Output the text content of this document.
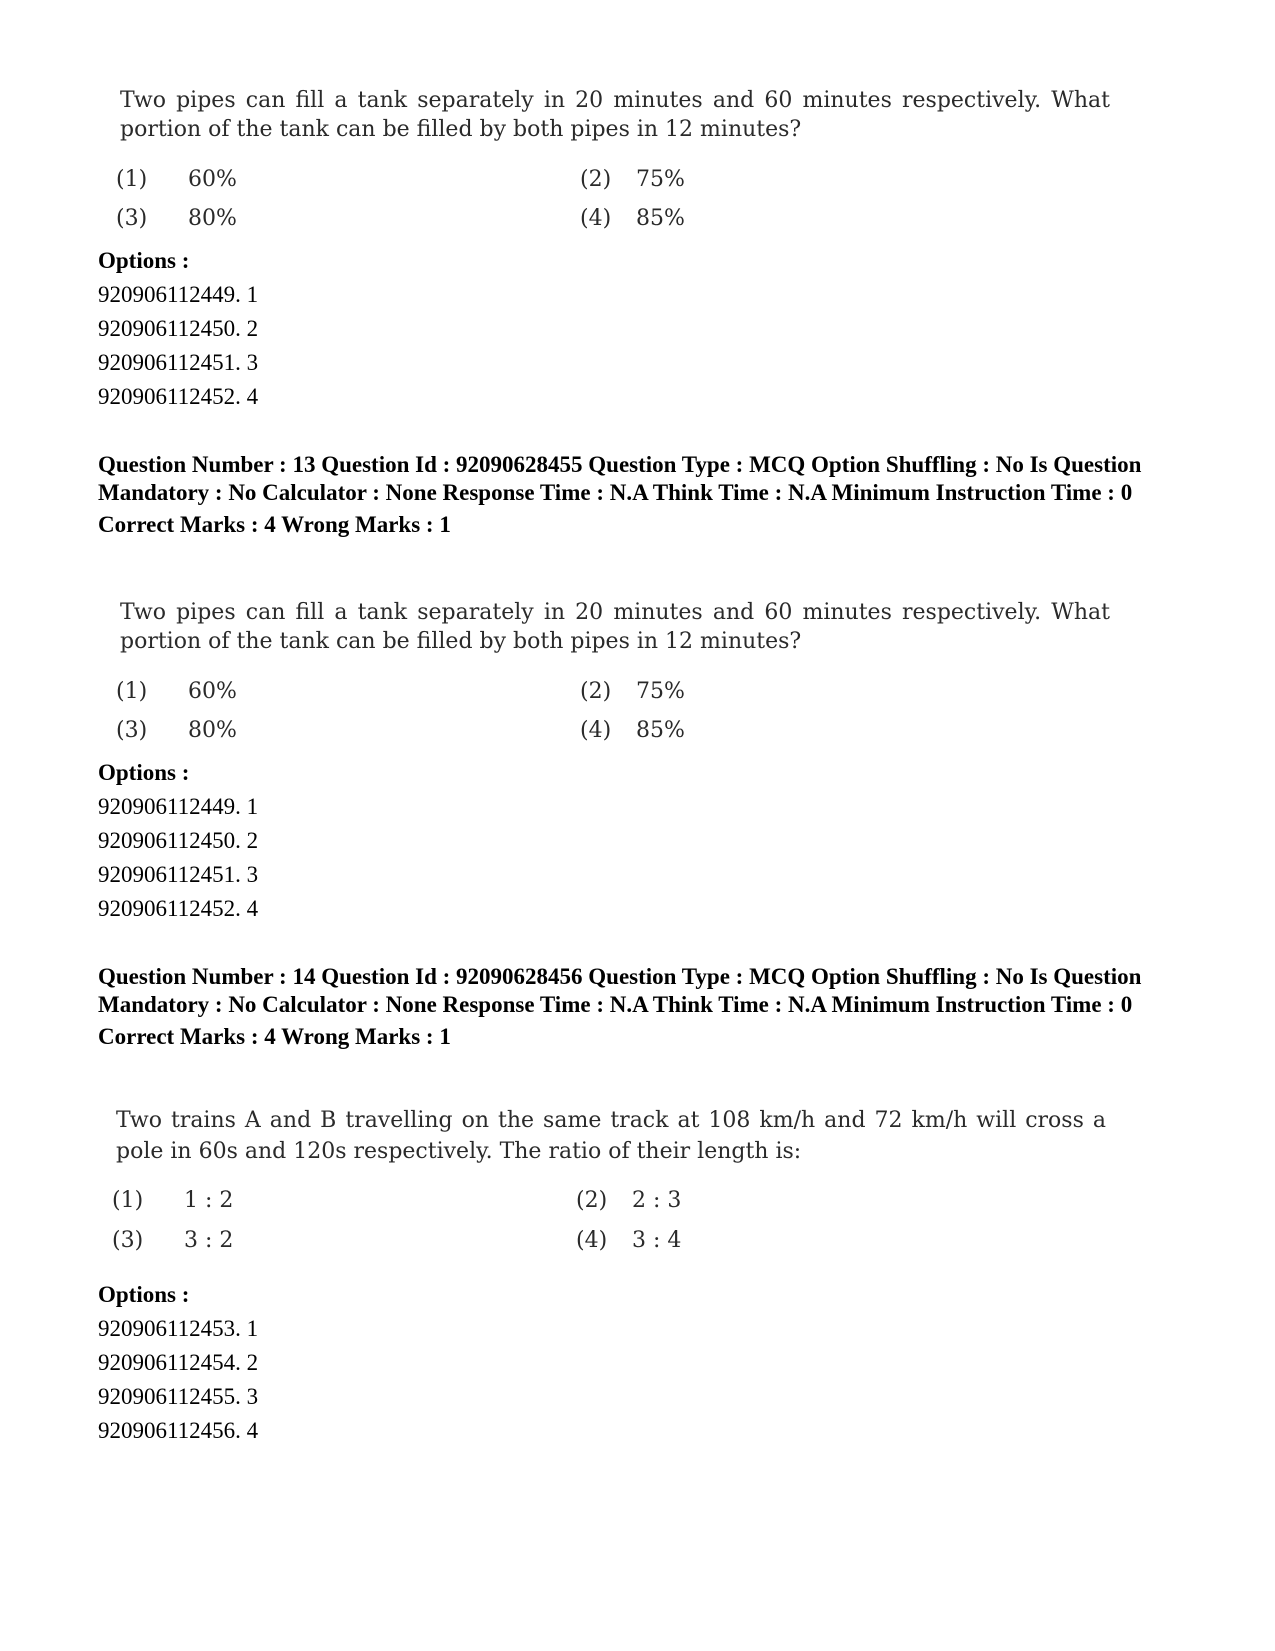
Two pipes can fill a tank separately in 20 minutes and 60 minutes respectively. What portion of the tank can be filled by both pipes in 12 minutes?

(1) 60%	(2) 75%
(3) 80%	(4) 85%
Options :
920906112449. 1
920906112450. 2
920906112451. 3
920906112452. 4

Question Number : 13 Question Id : 92090628455 Question Type : MCQ Option Shuffling : No Is Question Mandatory : No Calculator : None Response Time : N.A Think Time : N.A Minimum Instruction Time : 0

Correct Marks : 4 Wrong Marks : 1

Two pipes can fill a tank separately in 20 minutes and 60 minutes respectively. What portion of the tank can be filled by both pipes in 12 minutes?

(1) 60%	(2) 75%
(3) 80%	(4) 85%
Options :
920906112449. 1
920906112450. 2
920906112451. 3
920906112452. 4

Question Number : 14 Question Id : 92090628456 Question Type : MCQ Option Shuffling : No Is Question Mandatory : No Calculator : None Response Time : N.A Think Time : N.A Minimum Instruction Time : 0

Correct Marks : 4 Wrong Marks : 1

Two trains A and B travelling on the same track at 108 km/h and 72 km/h will cross a pole in 60s and 120s respectively. The ratio of their length is:

(1) 1 : 2	(2) 2 : 3
(3) 3 : 2	(4) 3 : 4
Options :
920906112453. 1
920906112454. 2
920906112455. 3
920906112456. 4
